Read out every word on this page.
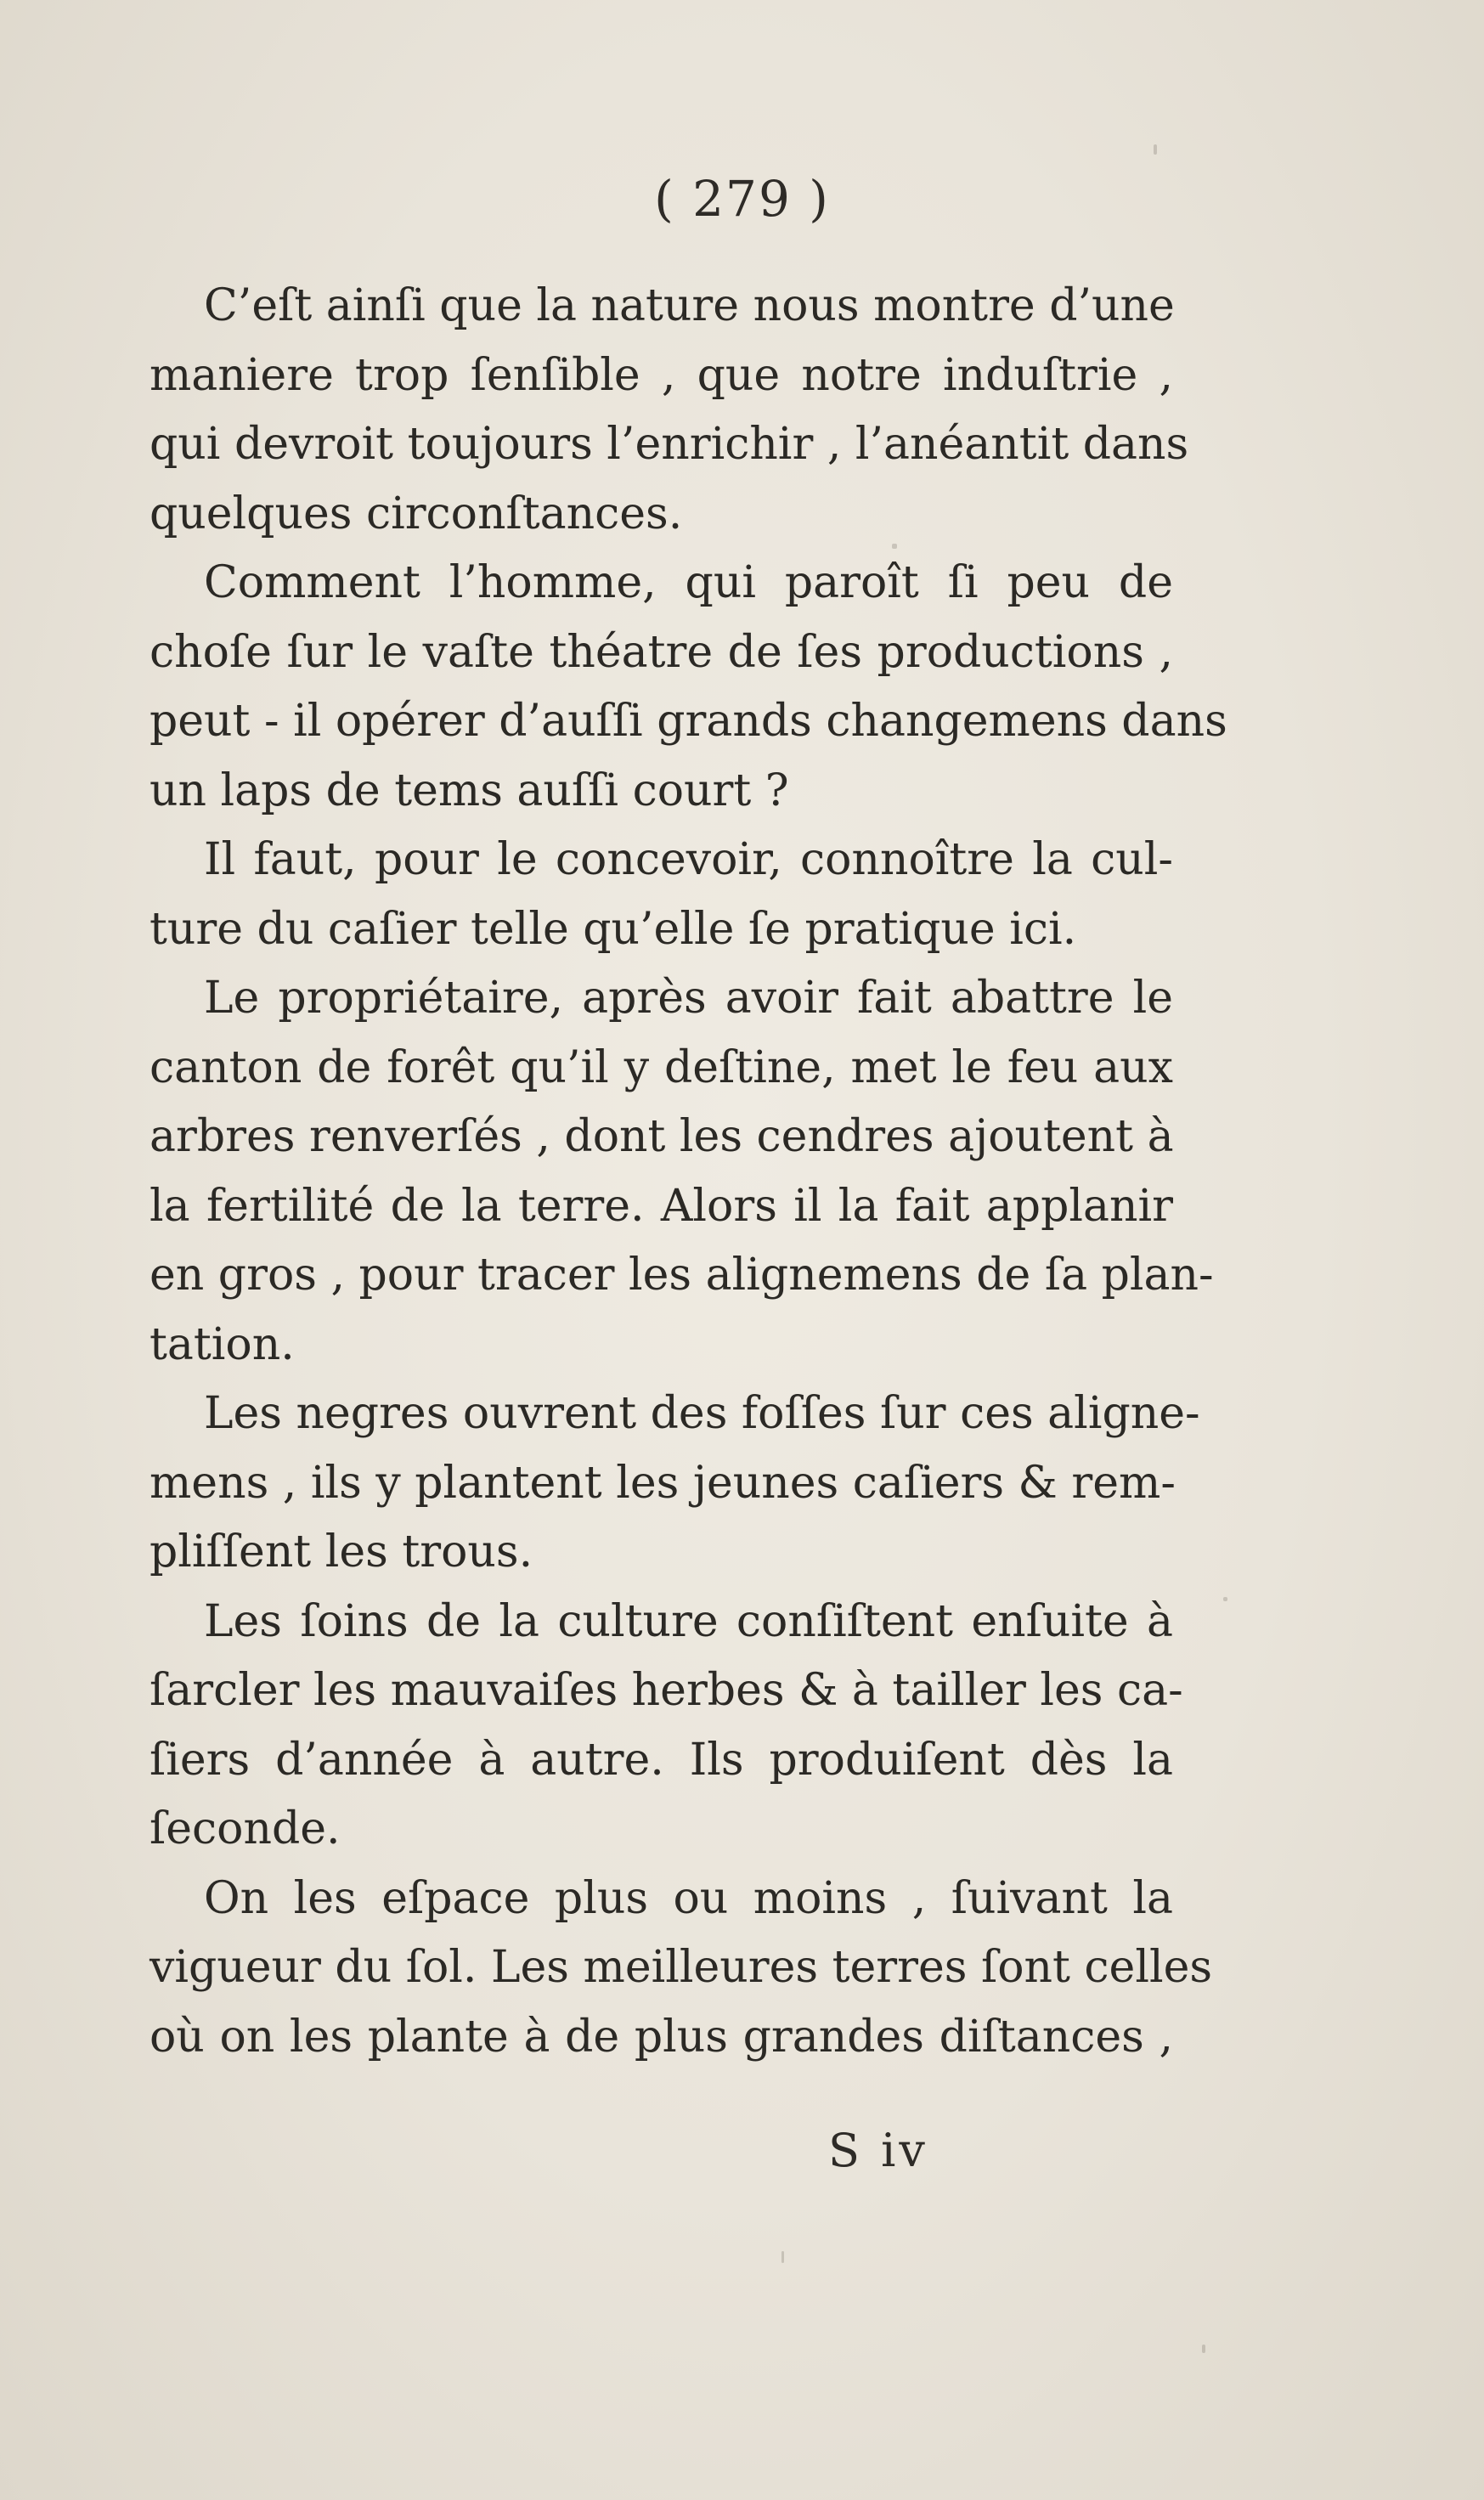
( 279 )
C’eſt ainſi que la nature nous montre d’une
maniere trop ſenſible , que notre induſtrie ,
qui devroit toujours l’enrichir , l’anéantit dans
quelques circonſtances.
Comment l’homme, qui paroît ſi peu de
choſe ſur le vaſte théatre de ſes productions ,
peut - il opérer d’auſſi grands changemens dans
un laps de tems auſſi court ?
Il faut, pour le concevoir, connoître la cul-
ture du caſier telle qu’elle ſe pratique ici.
Le propriétaire, après avoir fait abattre le
canton de forêt qu’il y deſtine, met le feu aux
arbres renverſés , dont les cendres ajoutent à
la fertilité de la terre. Alors il la fait applanir
en gros , pour tracer les alignemens de ſa plan-
tation.
Les negres ouvrent des foſſes ſur ces aligne-
mens , ils y plantent les jeunes caſiers & rem-
pliſſent les trous.
Les ſoins de la culture conſiſtent enſuite à
ſarcler les mauvaiſes herbes & à tailler les ca-
ſiers d’année à autre. Ils produiſent dès la
ſeconde.
On les eſpace plus ou moins , ſuivant la
vigueur du ſol. Les meilleures terres ſont celles
où on les plante à de plus grandes diſtances ,
S iv
